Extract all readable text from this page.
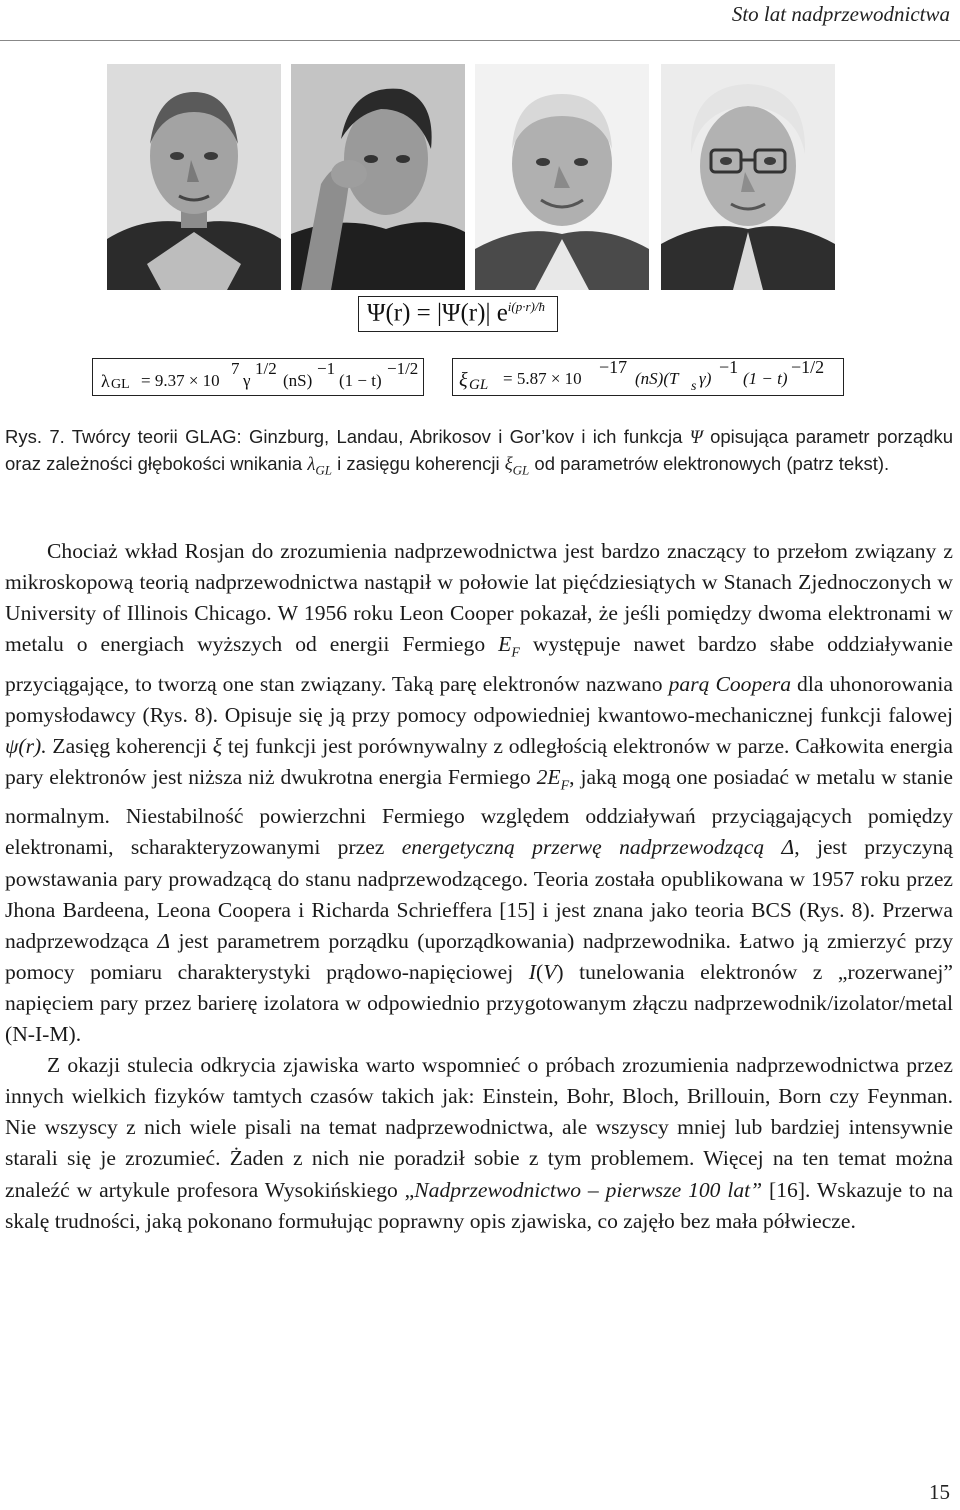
Sto lat nadprzewodnictwa
Ψ(r) = |Ψ(r)| $e^{i(p\cdot r)/ħ}$
λ GL = 9.37 × 10
7
γ
1/2
(nS)
−1
(1 − t)
−1/2
ξ GL = 5.87 × 10
−17
(nS)(T s γ)
−1
(1 − t)
−1/2
Rys. 7. Twórcy teorii GLAG: Ginzburg, Landau, Abrikosov i Gor’kov i ich funkcja Ψ opisująca parametr porządku oraz zależności głębokości wnikania $\lambda_{GL}$ i zasięgu koherencji $\xi_{GL}$ od parametrów elektronowych (patrz tekst).

Chociaż wkład Rosjan do zrozumienia nadprzewodnictwa jest bardzo znaczący to przełom związany z mikroskopową teorią nadprzewodnictwa nastąpił w połowie lat pięćdziesiątych w Stanach Zjednoczonych w University of Illinois Chicago. W 1956 roku Leon Cooper pokazał, że jeśli pomiędzy dwoma elektronami w metalu o energiach wyższych od energii Fermiego $E_F$ występuje nawet bardzo słabe oddziaływanie przyciągające, to tworzą one stan związany. Taką parę elektronów nazwano parą Coopera dla uhonorowania pomysłodawcy (Rys. 8). Opisuje się ją przy pomocy odpowiedniej kwantowo-mechanicznej funkcji falowej ψ(r). Zasięg koherencji ξ tej funkcji jest porównywalny z odległością elektronów w parze. Całkowita energia pary elektronów jest niższa niż dwukrotna energia Fermiego $2E_F$, jaką mogą one posiadać w metalu w stanie normalnym. Niestabilność powierzchni Fermiego względem oddziaływań przyciągających pomiędzy elektronami, scharakteryzowanymi przez energetyczną przerwę nadprzewodzącą Δ, jest przyczyną powstawania pary prowadzącą do stanu nadprzewodzącego. Teoria została opublikowana w 1957 roku przez Jhona Bardeena, Leona Coopera i Richarda Schrieffera [15] i jest znana jako teoria BCS (Rys. 8). Przerwa nadprzewodząca Δ jest parametrem porządku (uporządkowania) nadprzewodnika. Łatwo ją zmierzyć przy pomocy pomiaru charakterystyki prądowo-napięciowej I(V) tunelowania elektronów z „rozerwanej” napięciem pary przez barierę izolatora w odpowiednio przygotowanym złączu nadprzewodnik/izolator/metal (N-I-M).

Z okazji stulecia odkrycia zjawiska warto wspomnieć o próbach zrozumienia nadprzewodnictwa przez innych wielkich fizyków tamtych czasów takich jak: Einstein, Bohr, Bloch, Brillouin, Born czy Feynman. Nie wszyscy z nich wiele pisali na temat nadprzewodnictwa, ale wszyscy mniej lub bardziej intensywnie starali się je zrozumieć. Żaden z nich nie poradził sobie z tym problemem. Więcej na ten temat można znaleźć w artykule profesora Wysokińskiego „Nadprzewodnictwo – pierwsze 100 lat” [16]. Wskazuje to na skalę trudności, jaką pokonano formułując poprawny opis zjawiska, co zajęło bez mała półwiecze.

15
